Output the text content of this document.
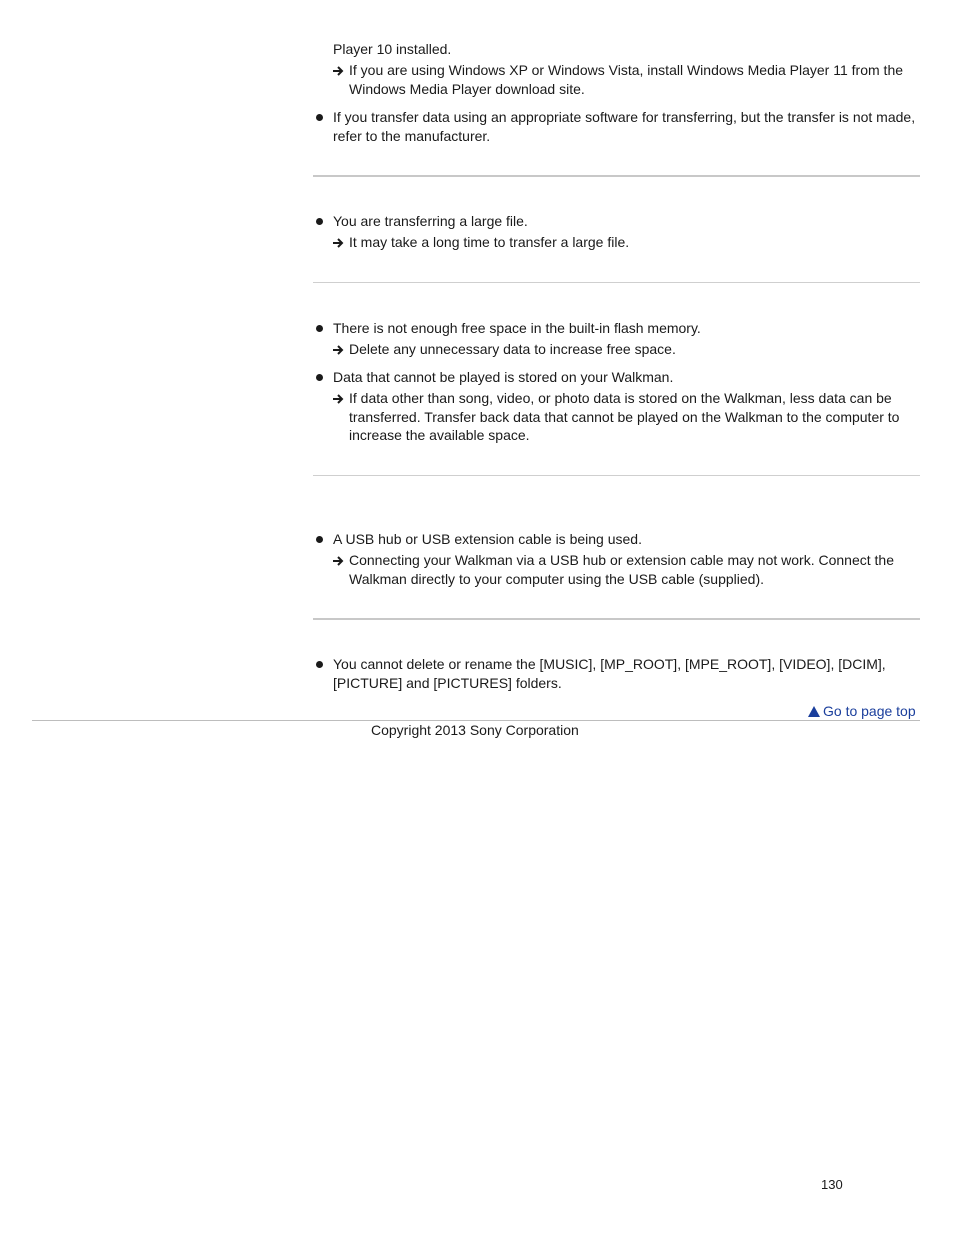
Player 10 installed.
If you are using Windows XP or Windows Vista, install Windows Media Player 11 from the
Windows Media Player download site.
If you transfer data using an appropriate software for transferring, but the transfer is not made,
refer to the manufacturer.
You are transferring a large file.
It may take a long time to transfer a large file.
There is not enough free space in the built-in flash memory.
Delete any unnecessary data to increase free space.
Data that cannot be played is stored on your Walkman.
If data other than song, video, or photo data is stored on the Walkman, less data can be
transferred. Transfer back data that cannot be played on the Walkman to the computer to
increase the available space.
A USB hub or USB extension cable is being used.
Connecting your Walkman via a USB hub or extension cable may not work. Connect the
Walkman directly to your computer using the USB cable (supplied).
You cannot delete or rename the [MUSIC], [MP_ROOT], [MPE_ROOT], [VIDEO], [DCIM],
[PICTURE] and [PICTURES] folders.
Go to page top
Copyright 2013 Sony Corporation
130
